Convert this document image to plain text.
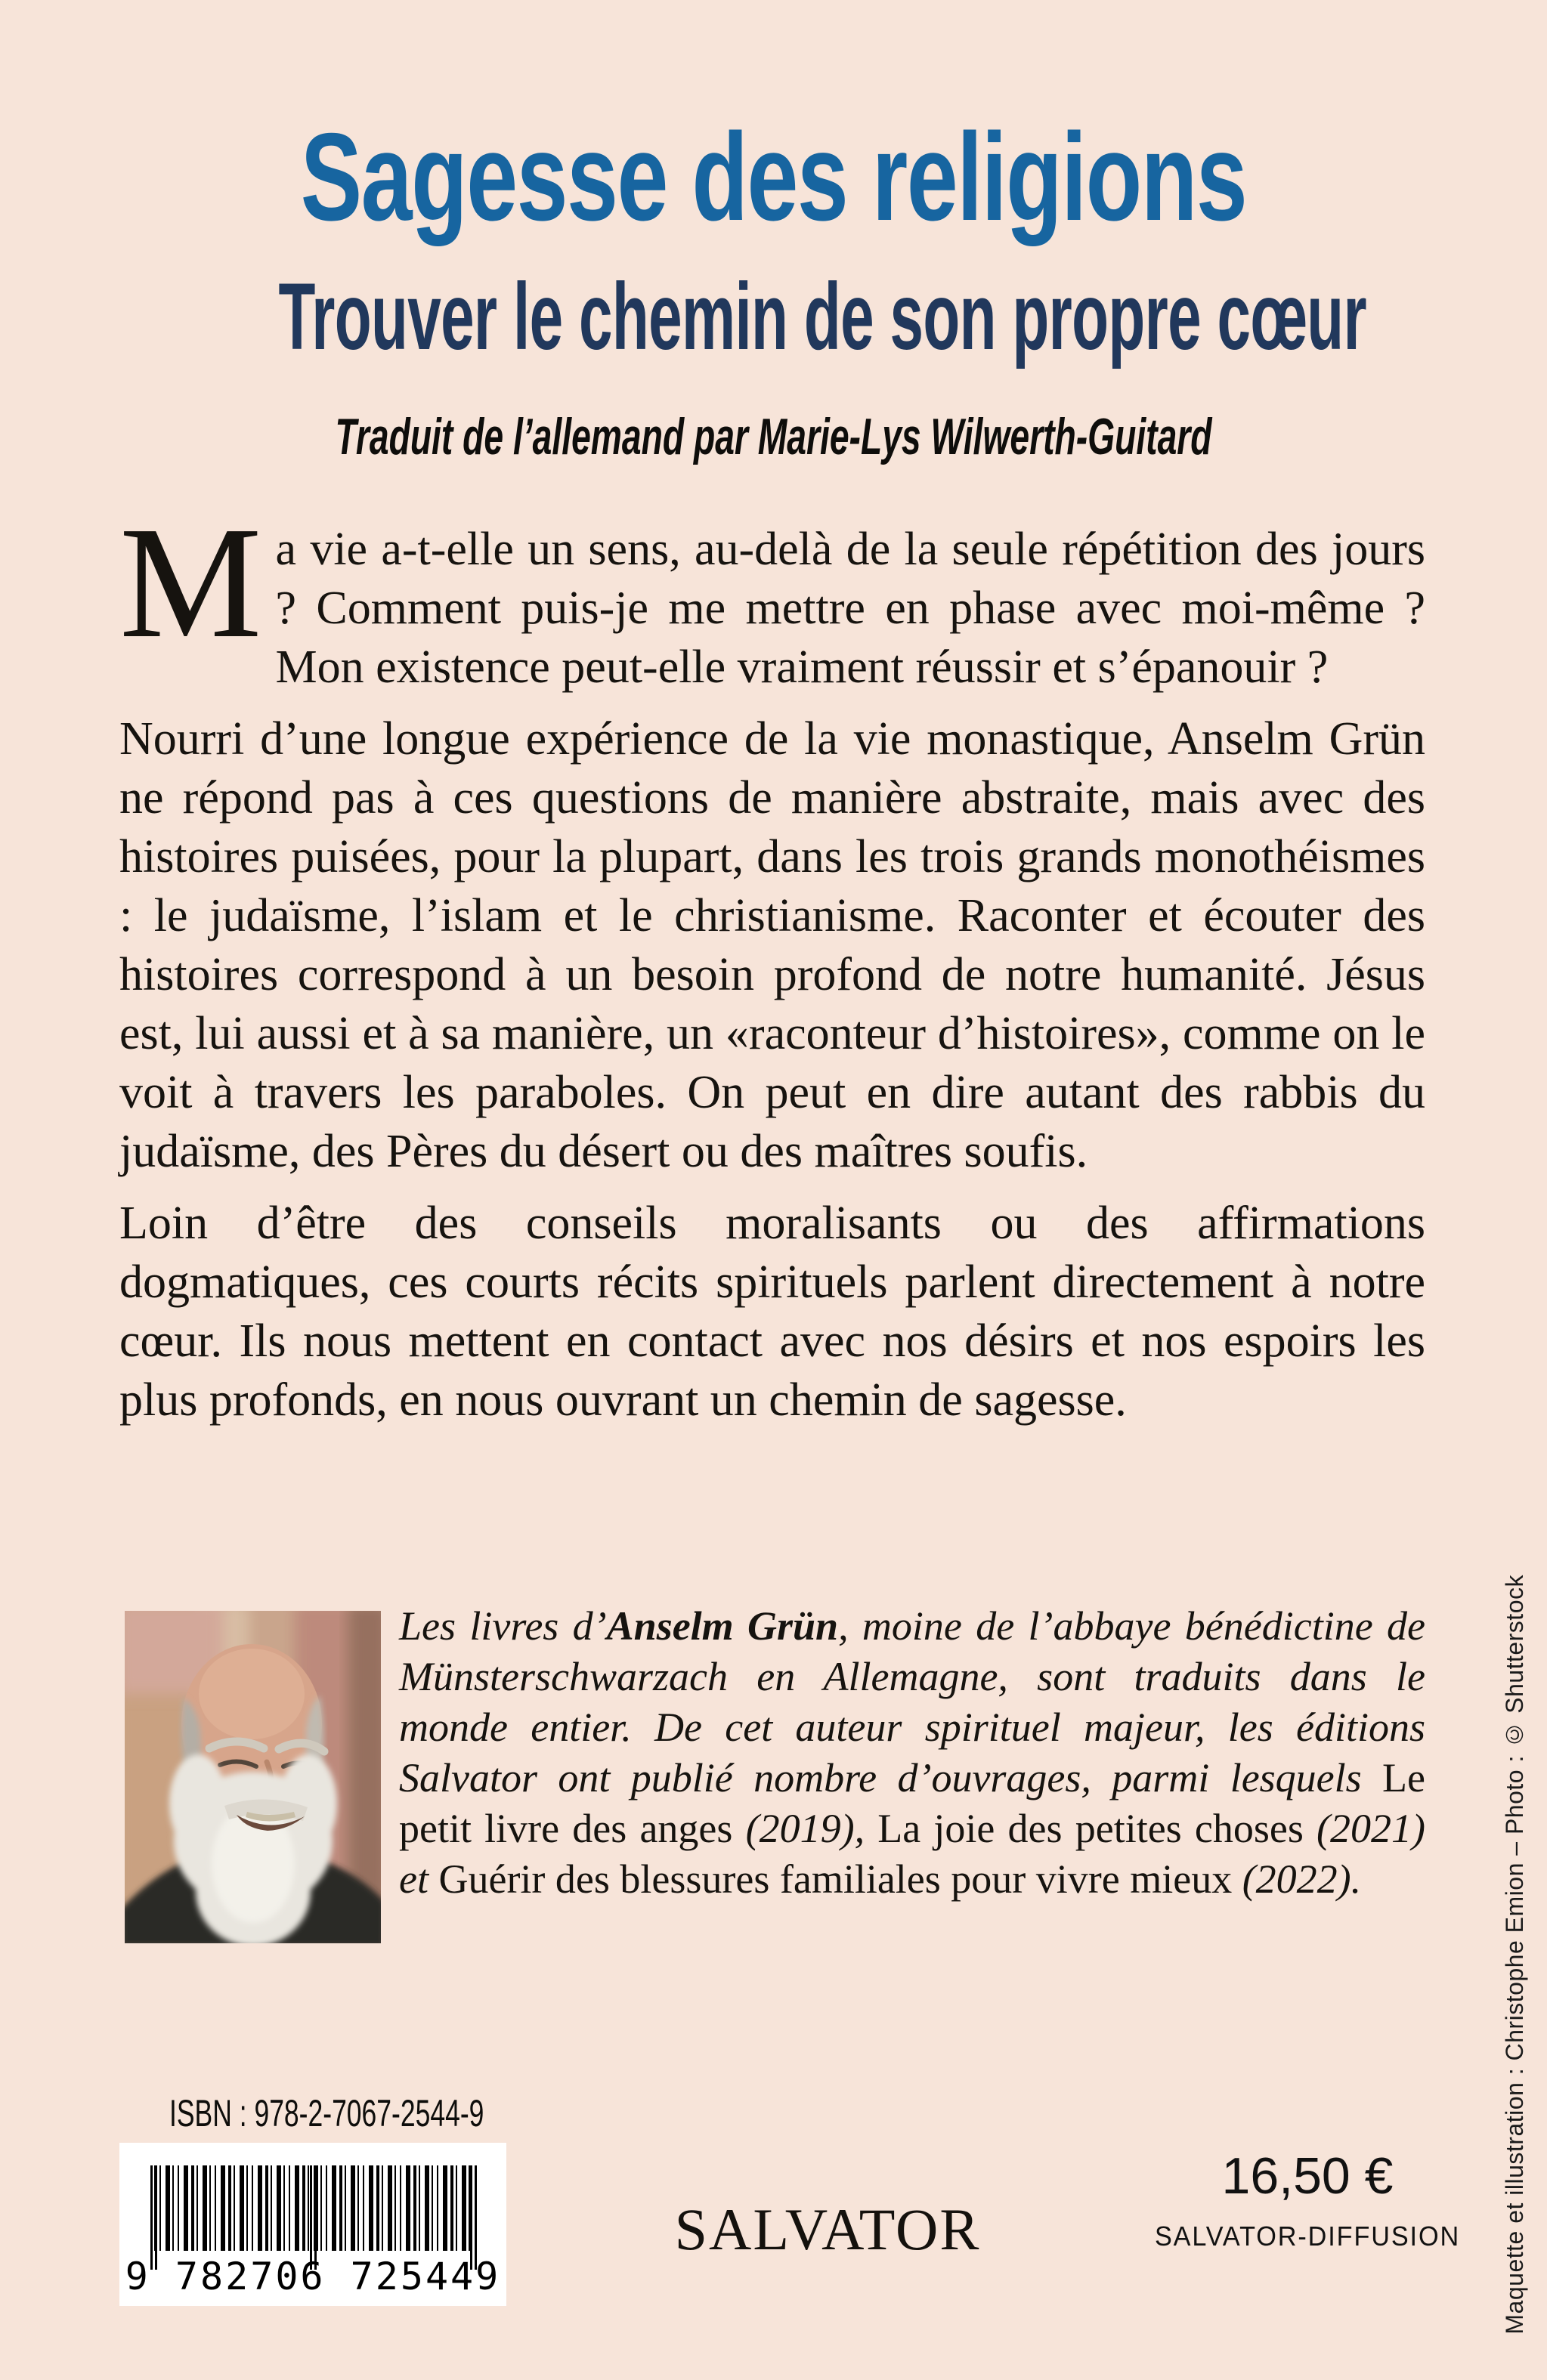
Sagesse des religions
Trouver le chemin de son propre cœur
Traduit de l’allemand par Marie-Lys Wilwerth-Guitard

Ma vie a-t-elle un sens, au-delà de la seule répétition des jours ? Comment puis-je me mettre en phase avec moi-même ? Mon existence peut-elle vraiment réussir et s’épanouir ?

Nourri d’une longue expérience de la vie monastique, Anselm Grün ne répond pas à ces questions de manière abstraite, mais avec des histoires puisées, pour la plupart, dans les trois grands monothéismes : le judaïsme, l’islam et le christianisme. Raconter et écouter des histoires correspond à un besoin profond de notre humanité. Jésus est, lui aussi et à sa manière, un «raconteur d’histoires», comme on le voit à travers les paraboles. On peut en dire autant des rabbis du judaïsme, des Pères du désert ou des maîtres soufis.

Loin d’être des conseils moralisants ou des affirmations dogmatiques, ces courts récits spirituels parlent directement à notre cœur. Ils nous mettent en contact avec nos désirs et nos espoirs les plus profonds, en nous ouvrant un chemin de sagesse.

Les livres d’Anselm Grün, moine de l’abbaye bénédictine de Münsterschwarzach en Allemagne, sont traduits dans le monde entier. De cet auteur spirituel majeur, les éditions Salvator ont publié nombre d’ouvrages, parmi lesquels Le petit livre des anges (2019), La joie des petites choses (2021) et Guérir des blessures familiales pour vivre mieux (2022).
ISBN : 978-2-7067-2544-9
9 782706 725449
SALVATOR
16,50 €
SALVATOR-DIFFUSION Maquette et illustration : Christophe Emion – Photo : © Shutterstock
